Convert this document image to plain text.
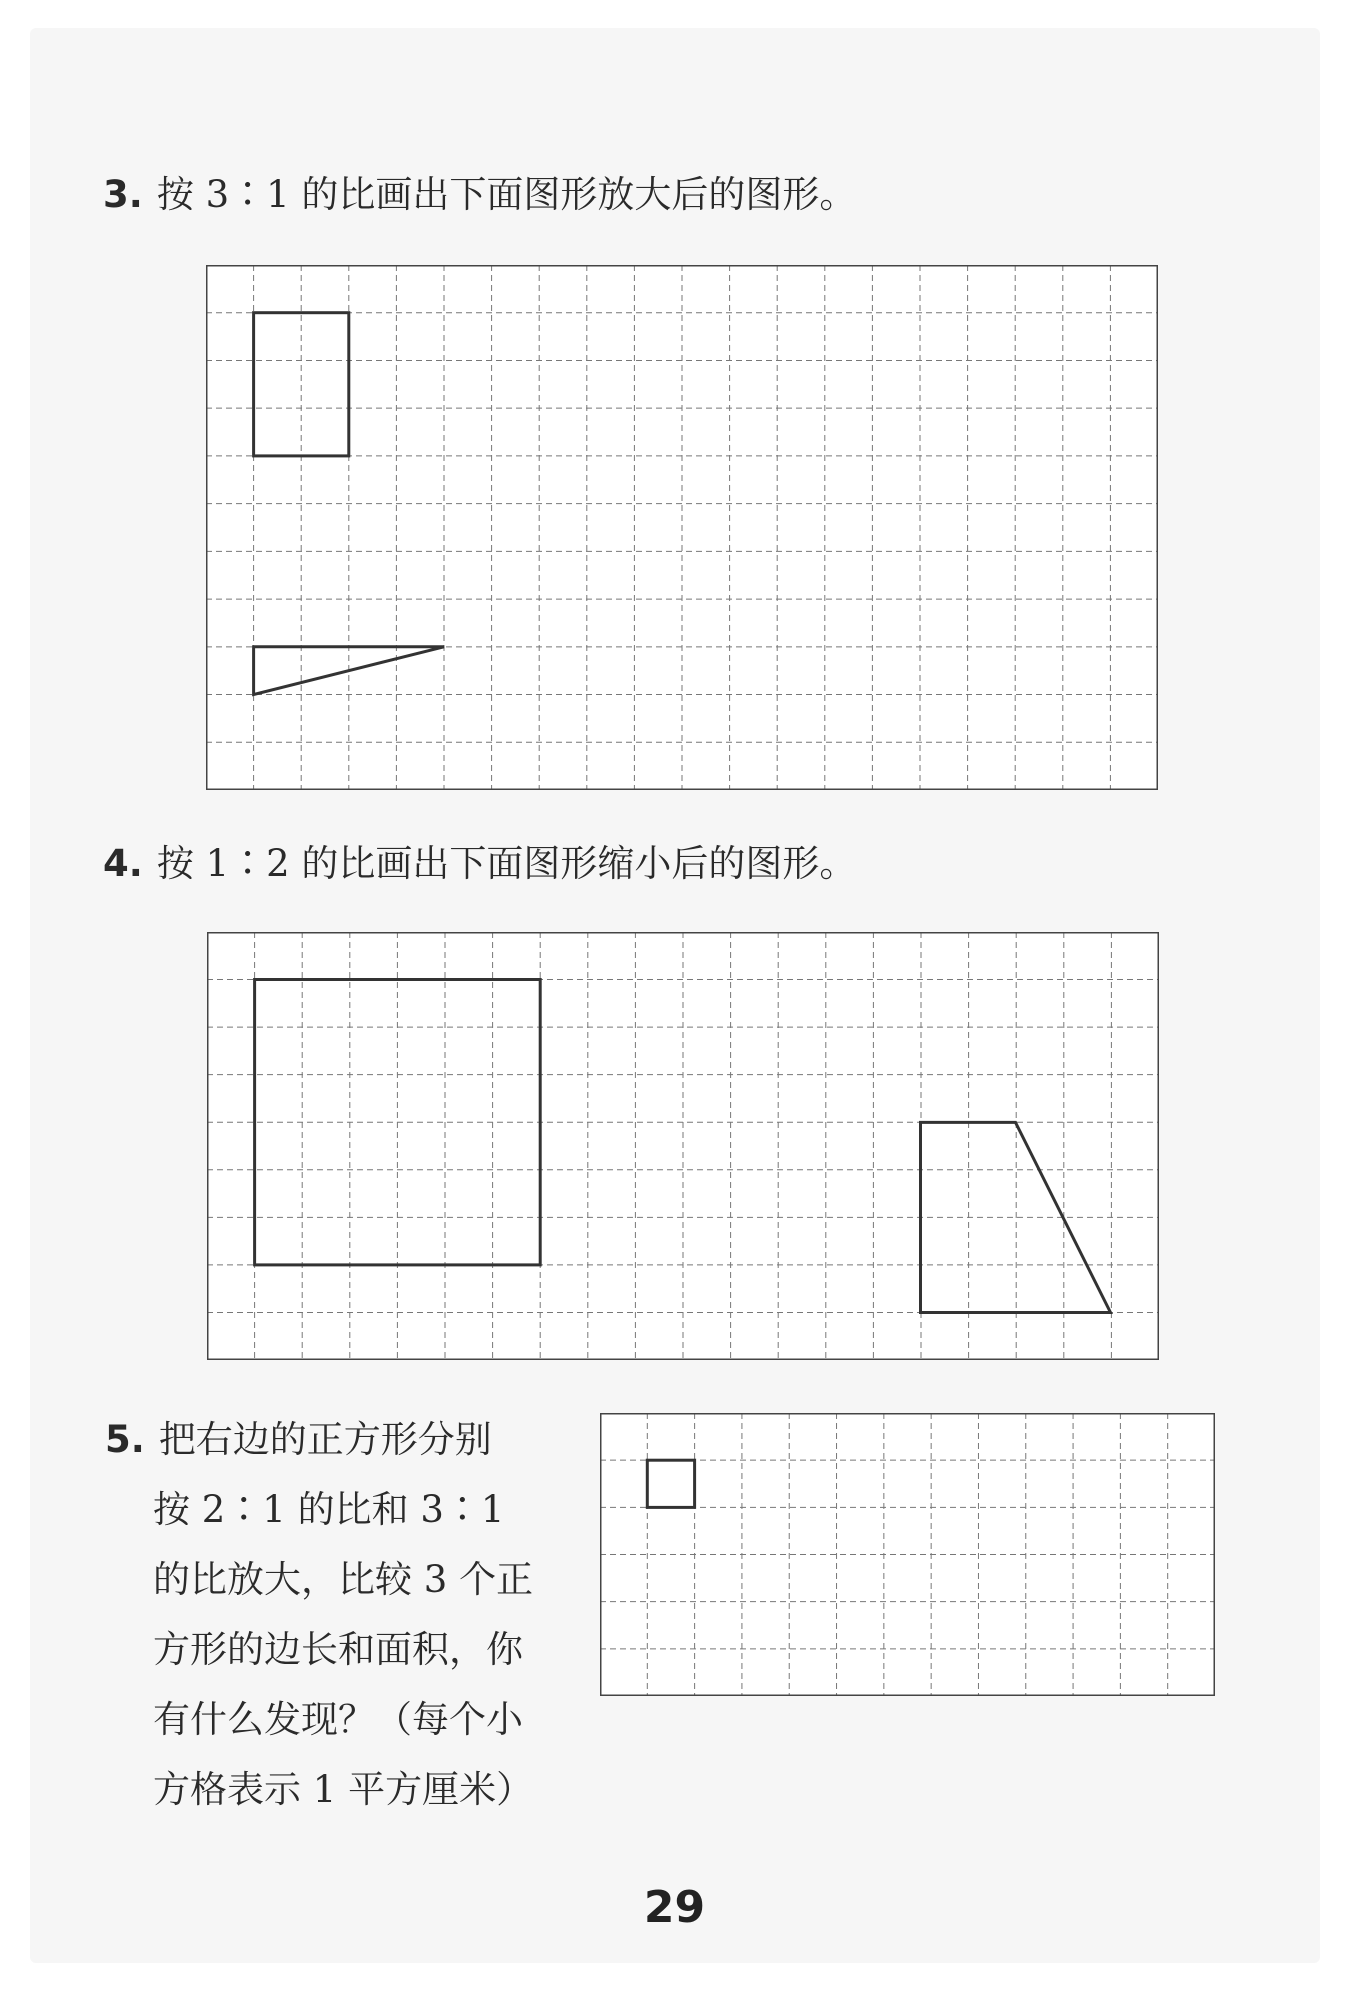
3. 按 3∶1 的比画出下面图形放大后的图形。
4. 按 1∶2 的比画出下面图形缩小后的图形。
5. 把右边的正方形分别
按 2∶1 的比和 3∶1
的比放大，比较 3 个正
方形的边长和面积，你
有什么发现？（每个小
方格表示 1 平方厘米）
29
